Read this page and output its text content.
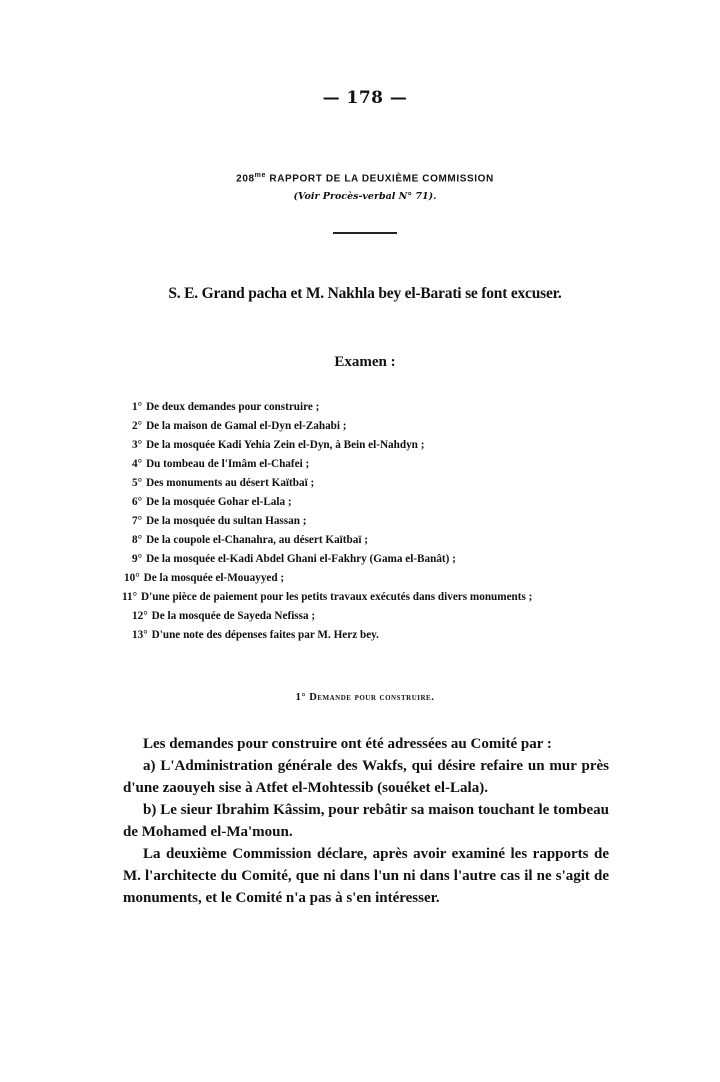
— 178 —
$208^{me}$ RAPPORT DE LA DEUXIÈME COMMISSION
(Voir Procès-verbal N° 71).
S. E. Grand pacha et M. Nakhla bey el-Barati se font excuser.
Examen :
1° De deux demandes pour construire ;
2° De la maison de Gamal el-Dyn el-Zahabi ;
3° De la mosquée Kadi Yehia Zein el-Dyn, à Bein el-Nahdyn ;
4° Du tombeau de l'Imâm el-Chafei ;
5° Des monuments au désert Kaïtbaï ;
6° De la mosquée Gohar el-Lala ;
7° De la mosquée du sultan Hassan ;
8° De la coupole el-Chanahra, au désert Kaïtbaï ;
9° De la mosquée el-Kadi Abdel Ghani el-Fakhry (Gama el-Banât) ;
10° De la mosquée el-Mouayyed ;
11° D'une pièce de paiement pour les petits travaux exécutés dans divers monuments ;
12° De la mosquée de Sayeda Nefissa ;
13° D'une note des dépenses faites par M. Herz bey.
1° Demande pour construire.

Les demandes pour construire ont été adressées au Comité par :

a) L'Administration générale des Wakfs, qui désire refaire un mur près d'une zaouyeh sise à Atfet el-Mohtessib (souéket el-Lala).

b) Le sieur Ibrahim Kâssim, pour rebâtir sa maison touchant le tombeau de Mohamed el-Ma'moun.

La deuxième Commission déclare, après avoir examiné les rapports de M. l'architecte du Comité, que ni dans l'un ni dans l'autre cas il ne s'agit de monuments, et le Comité n'a pas à s'en intéresser.
